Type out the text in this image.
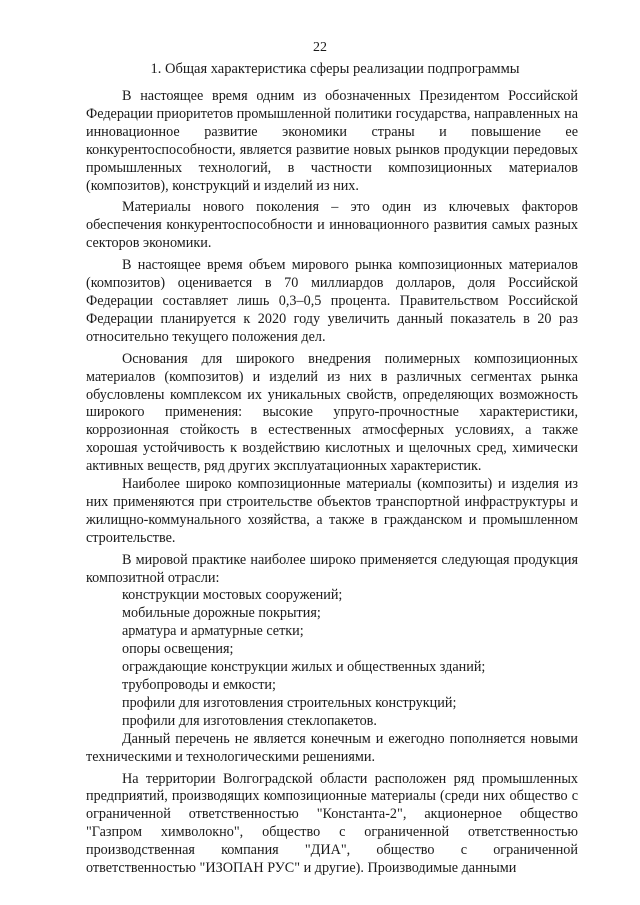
22
1. Общая характеристика сферы реализации подпрограммы

В настоящее время одним из обозначенных Президентом Российской Федерации приоритетов промышленной политики государства, направленных на инновационное развитие экономики страны и повышение ее конкурентоспособности, является развитие новых рынков продукции передовых промышленных технологий, в частности композиционных материалов (композитов), конструкций и изделий из них.

Материалы нового поколения – это один из ключевых факторов обеспечения конкурентоспособности и инновационного развития самых разных секторов экономики.

В настоящее время объем мирового рынка композиционных материалов (композитов) оценивается в 70 миллиардов долларов, доля Российской Федерации составляет лишь 0,3–0,5 процента. Правительством Российской Федерации планируется к 2020 году увеличить данный показатель в 20 раз относительно текущего положения дел.

Основания для широкого внедрения полимерных композиционных материалов (композитов) и изделий из них в различных сегментах рынка обусловлены комплексом их уникальных свойств, определяющих возможность широкого применения: высокие упруго-прочностные характеристики, коррозионная стойкость в естественных атмосферных условиях, а также хорошая устойчивость к воздействию кислотных и щелочных сред, химически активных веществ, ряд других эксплуатационных характеристик.

Наиболее широко композиционные материалы (композиты) и изделия из них применяются при строительстве объектов транспортной инфраструктуры и жилищно-коммунального хозяйства, а также в гражданском и промышленном строительстве.

В мировой практике наиболее широко применяется следующая продукция композитной отрасли:

конструкции мостовых сооружений;
мобильные дорожные покрытия;
арматура и арматурные сетки;
опоры освещения;
ограждающие конструкции жилых и общественных зданий;
трубопроводы и емкости;
профили для изготовления строительных конструкций;
профили для изготовления стеклопакетов.

Данный перечень не является конечным и ежегодно пополняется новыми техническими и технологическими решениями.

На территории Волгоградской области расположен ряд промышленных предприятий, производящих композиционные материалы (среди них общество с ограниченной ответственностью "Константа-2", акционерное общество "Газпром химволокно", общество с ограниченной ответственностью производственная компания "ДИА", общество с ограниченной ответственностью "ИЗОПАН РУС" и другие). Производимые данными
